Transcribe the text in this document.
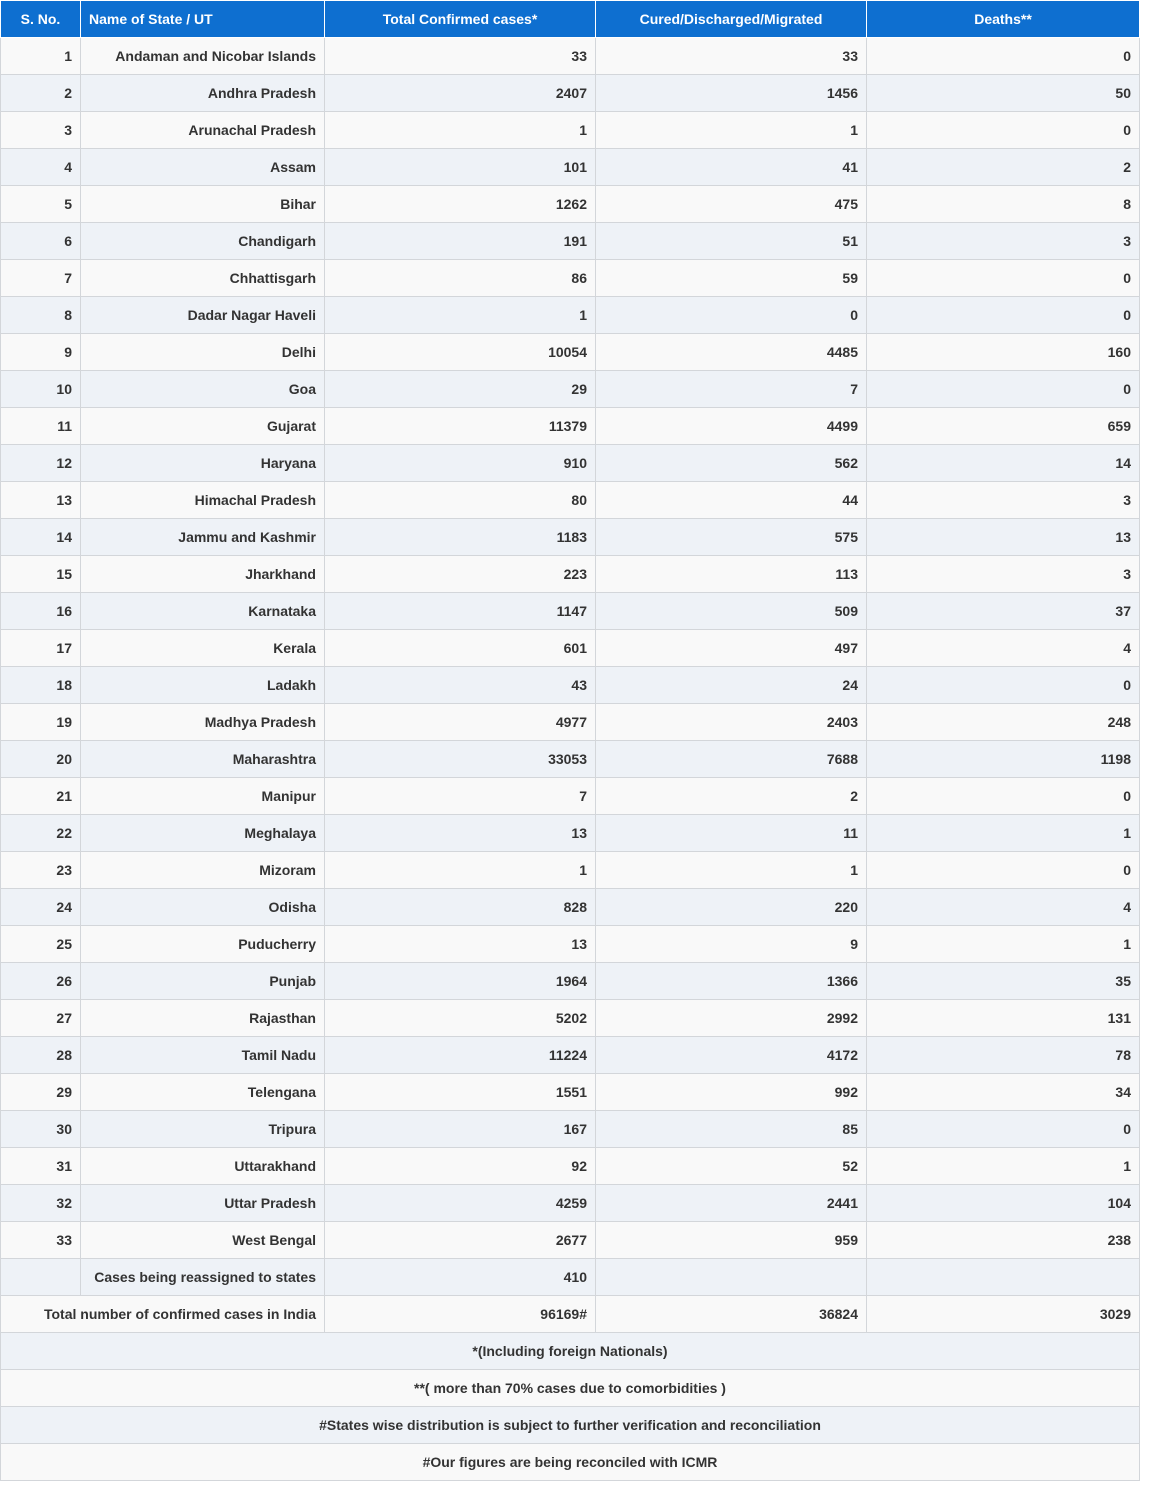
S. No.	Name of State / UT	Total Confirmed cases*	Cured/Discharged/Migrated	Deaths**
1	Andaman and Nicobar Islands	33	33	0
2	Andhra Pradesh	2407	1456	50
3	Arunachal Pradesh	1	1	0
4	Assam	101	41	2
5	Bihar	1262	475	8
6	Chandigarh	191	51	3
7	Chhattisgarh	86	59	0
8	Dadar Nagar Haveli	1	0	0
9	Delhi	10054	4485	160
10	Goa	29	7	0
11	Gujarat	11379	4499	659
12	Haryana	910	562	14
13	Himachal Pradesh	80	44	3
14	Jammu and Kashmir	1183	575	13
15	Jharkhand	223	113	3
16	Karnataka	1147	509	37
17	Kerala	601	497	4
18	Ladakh	43	24	0
19	Madhya Pradesh	4977	2403	248
20	Maharashtra	33053	7688	1198
21	Manipur	7	2	0
22	Meghalaya	13	11	1
23	Mizoram	1	1	0
24	Odisha	828	220	4
25	Puducherry	13	9	1
26	Punjab	1964	1366	35
27	Rajasthan	5202	2992	131
28	Tamil Nadu	11224	4172	78
29	Telengana	1551	992	34
30	Tripura	167	85	0
31	Uttarakhand	92	52	1
32	Uttar Pradesh	4259	2441	104
33	West Bengal	2677	959	238
	Cases being reassigned to states	410		
Total number of confirmed cases in India		96169#	36824	3029
*(Including foreign Nationals)				
**( more than 70% cases due to comorbidities )				
#States wise distribution is subject to further verification and reconciliation				
#Our figures are being reconciled with ICMR				
